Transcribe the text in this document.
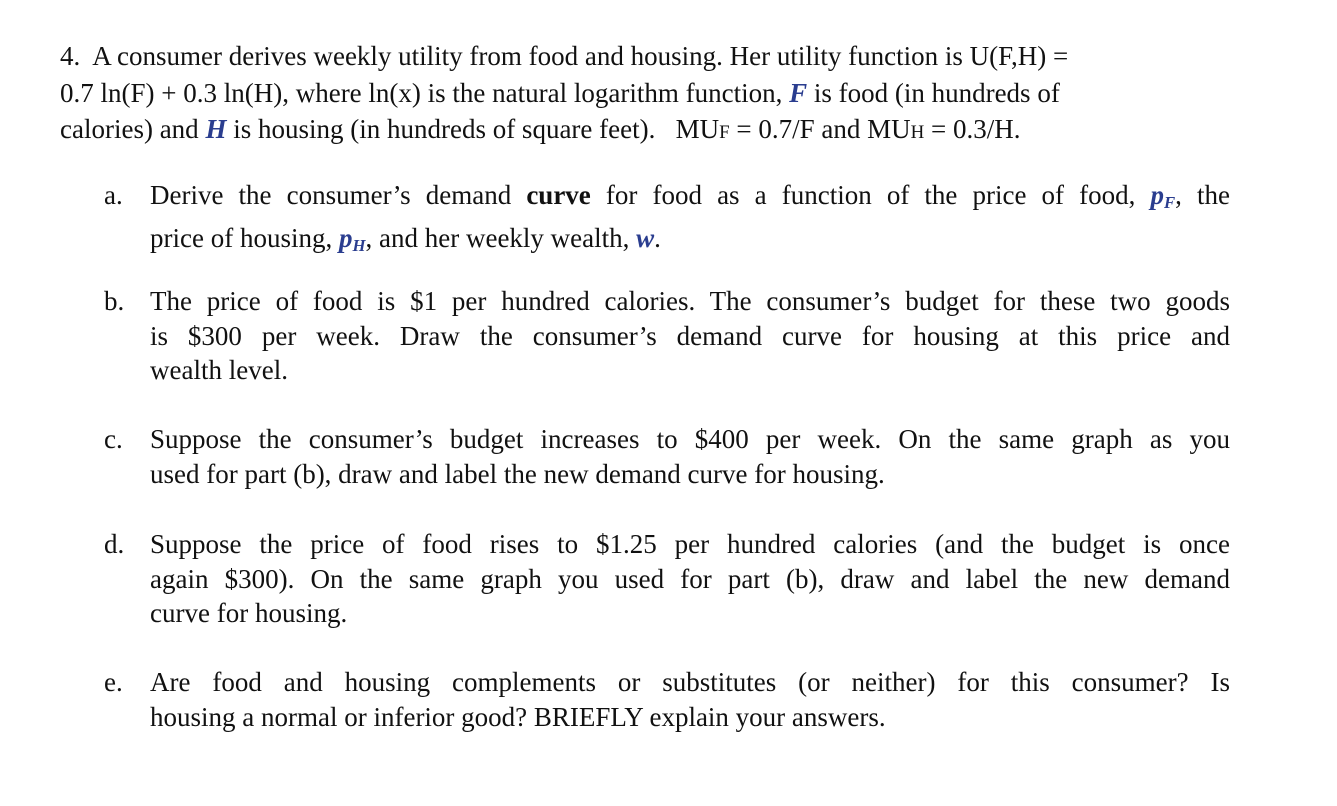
4. A consumer derives weekly utility from food and housing. Her utility function is U(F,H) =
0.7 ln(F) + 0.3 ln(H), where ln(x) is the natural logarithm function, F is food (in hundreds of
calories) and H is housing (in hundreds of square feet). MUF = 0.7/F and MUH = 0.3/H.
a. Derive the consumer’s demand curve for food as a function of the price of food, pF, the
price of housing, pH, and her weekly wealth, w.
b. The price of food is $1 per hundred calories. The consumer’s budget for these two goods
is $300 per week. Draw the consumer’s demand curve for housing at this price and
wealth level.
c. Suppose the consumer’s budget increases to $400 per week. On the same graph as you
used for part (b), draw and label the new demand curve for housing.
d. Suppose the price of food rises to $1.25 per hundred calories (and the budget is once
again $300). On the same graph you used for part (b), draw and label the new demand
curve for housing.
e. Are food and housing complements or substitutes (or neither) for this consumer? Is
housing a normal or inferior good? BRIEFLY explain your answers.
